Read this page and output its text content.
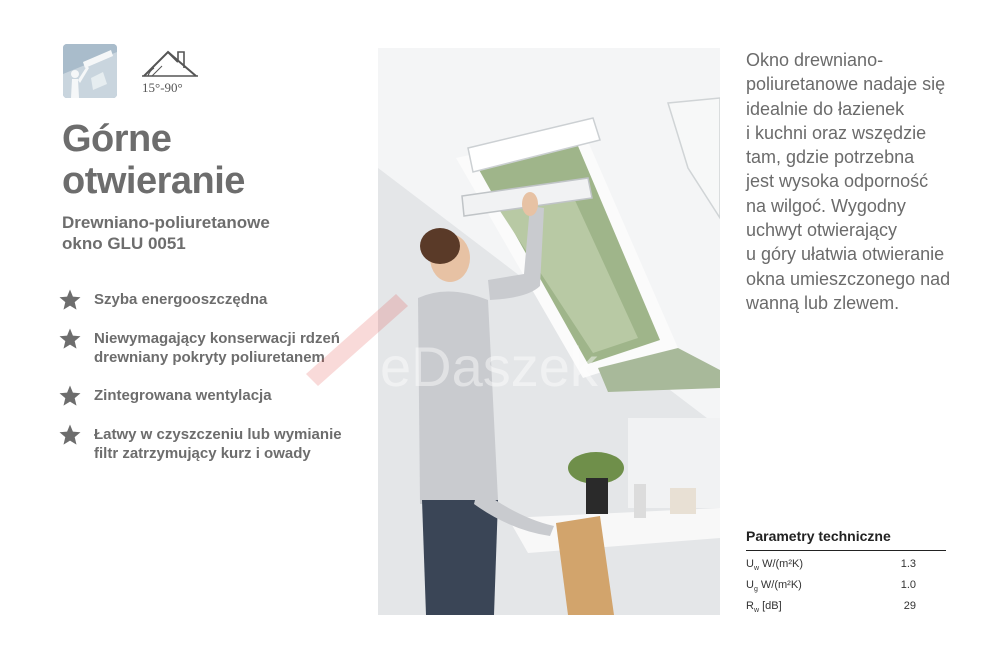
15°-90°
Górne
otwieranie
Drewniano-poliuretanowe
okno GLU 0051
Szyba energooszczędna
Niewymagający konserwacji rdzeń drewniany pokryty poliuretanem
Zintegrowana wentylacja
Łatwy w czyszczeniu lub wymianie filtr zatrzymujący kurz i owady
eDaszek
Okno drewniano-
poliuretanowe nadaje się
idealnie do łazienek
i kuchni oraz wszędzie
tam, gdzie potrzebna
jest wysoka odporność
na wilgoć. Wygodny
uchwyt otwierający
u góry ułatwia otwieranie
okna umieszczonego nad
wanną lub zlewem.
Parametry techniczne
$U_w$ W/(m²K)	1.3
$U_g$ W/(m²K)	1.0
$R_w$ [dB]	29
